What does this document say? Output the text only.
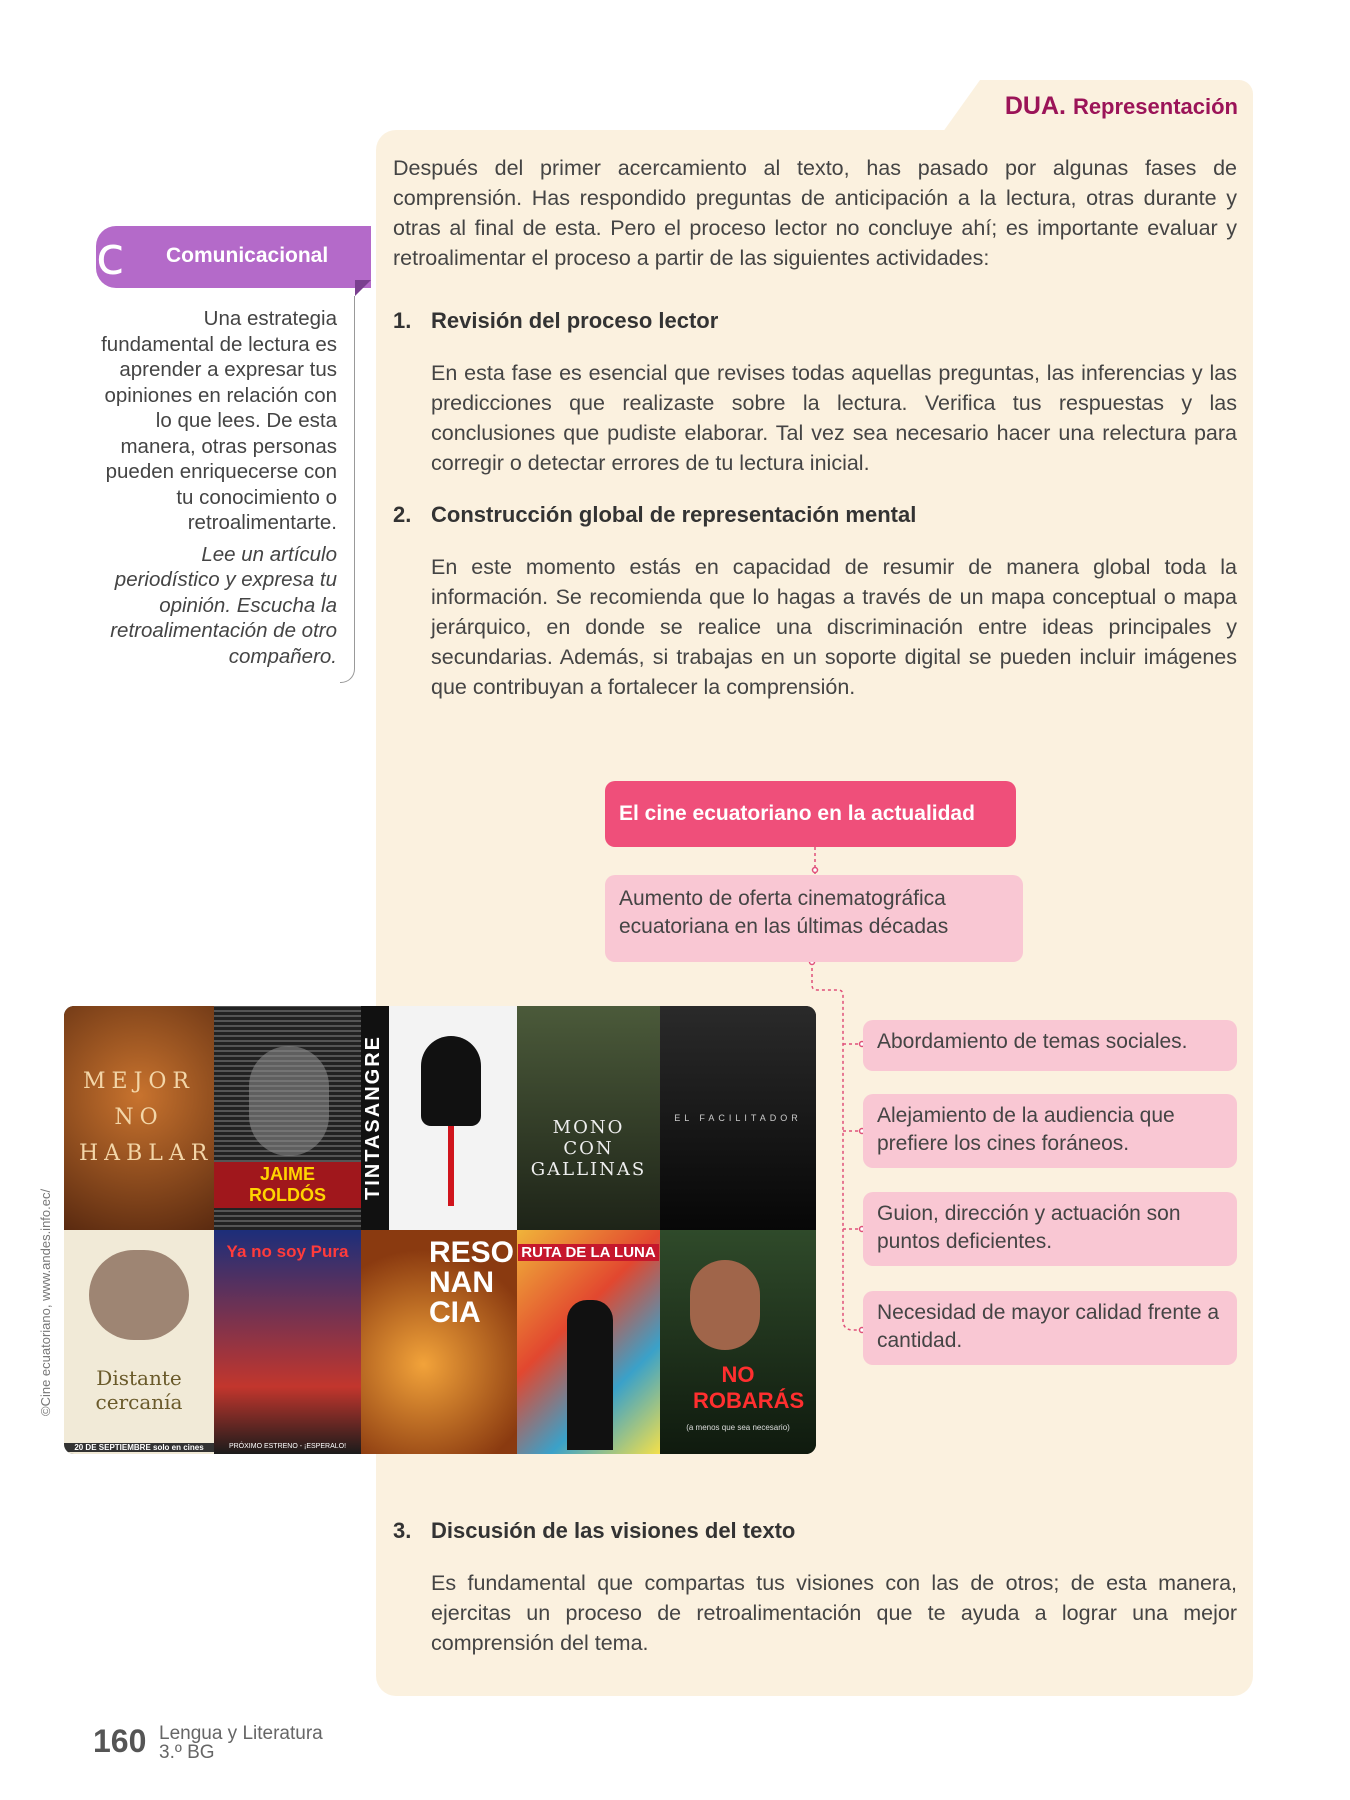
DUA. Representación
Después del primer acercamiento al texto, has pasado por algunas fases de comprensión. Has respondido preguntas de anticipación a la lectura, otras durante y otras al final de esta. Pero el proceso lector no concluye ahí; es importante evaluar y retroalimentar el proceso a partir de las siguientes actividades:
1. Revisión del proceso lector
En esta fase es esencial que revises todas aquellas preguntas, las inferencias y las predicciones que realizaste sobre la lectura. Verifica tus respuestas y las conclusiones que pudiste elaborar. Tal vez sea necesario hacer una relectura para corregir o detectar errores de tu lectura inicial.
2. Construcción global de representación mental
En este momento estás en capacidad de resumir de manera global toda la información. Se recomienda que lo hagas a través de un mapa conceptual o mapa jerárquico, en donde se realice una discriminación entre ideas principales y secundarias. Además, si trabajas en un soporte digital se pueden incluir imágenes que contribuyan a fortalecer la comprensión.
c Comunicacional

Una estrategia fundamental de lectura es aprender a expresar tus opiniones en relación con lo que lees. De esta manera, otras personas pueden enriquecerse con tu conocimiento o retroalimentarte.

Lee un artículo periodístico y expresa tu opinión. Escucha la retroalimentación de otro compañero.

El cine ecuatoriano en la actualidad
Aumento de oferta cinematográfica ecuatoriana en las últimas décadas
Abordamiento de temas sociales.
Alejamiento de la audiencia que prefiere los cines foráneos.
Guion, dirección y actuación son puntos deficientes.
Necesidad de mayor calidad frente a cantidad.
MEJOR NO HABLAR
JAIME ROLDÓS	TINTASANGRE	MONO CON GALLINAS
EL FACILITADOR
Distante cercanía
20 DE SEPTIEMBRE solo en cines
Ya no soy Pura
PRÓXIMO ESTRENO - ¡ESPERALO!
RESO NAN CIA
RUTA DE LA LUNA
NO ROBARÁS
(a menos que sea necesario)
©Cine ecuatoriano, www.andes.info.ec/
3. Discusión de las visiones del texto
Es fundamental que compartas tus visiones con las de otros; de esta manera, ejercitas un proceso de retroalimentación que te ayuda a lograr una mejor comprensión del tema.
160 Lengua y Literatura
3.º BG
